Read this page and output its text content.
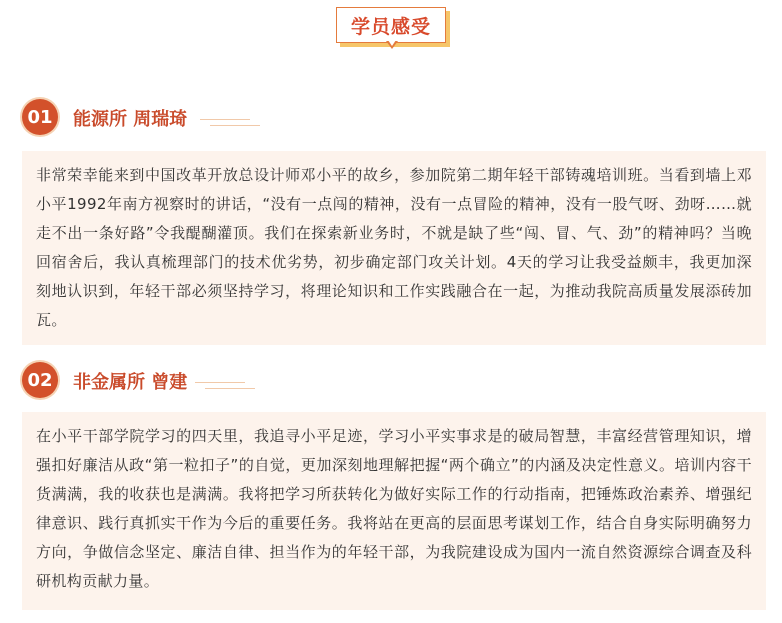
学员感受
01	能源所 周瑞琦

非常荣幸能来到中国改革开放总设计师邓小平的故乡，参加院第二期年轻干部铸魂培训班。当看到墙上邓小平1992年南方视察时的讲话，“没有一点闯的精神，没有一点冒险的精神，没有一股气呀、劲呀……就走不出一条好路”令我醍醐灌顶。我们在探索新业务时，不就是缺了些“闯、冒、气、劲”的精神吗？当晚回宿舍后，我认真梳理部门的技术优劣势，初步确定部门攻关计划。4天的学习让我受益颇丰，我更加深刻地认识到，年轻干部必须坚持学习，将理论知识和工作实践融合在一起，为推动我院高质量发展添砖加瓦。

02	非金属所 曾建

在小平干部学院学习的四天里，我追寻小平足迹，学习小平实事求是的破局智慧，丰富经营管理知识，增强扣好廉洁从政“第一粒扣子”的自觉，更加深刻地理解把握“两个确立”的内涵及决定性意义。培训内容干货满满，我的收获也是满满。我将把学习所获转化为做好实际工作的行动指南，把锤炼政治素养、增强纪律意识、践行真抓实干作为今后的重要任务。我将站在更高的层面思考谋划工作，结合自身实际明确努力方向，争做信念坚定、廉洁自律、担当作为的年轻干部，为我院建设成为国内一流自然资源综合调查及科研机构贡献力量。
